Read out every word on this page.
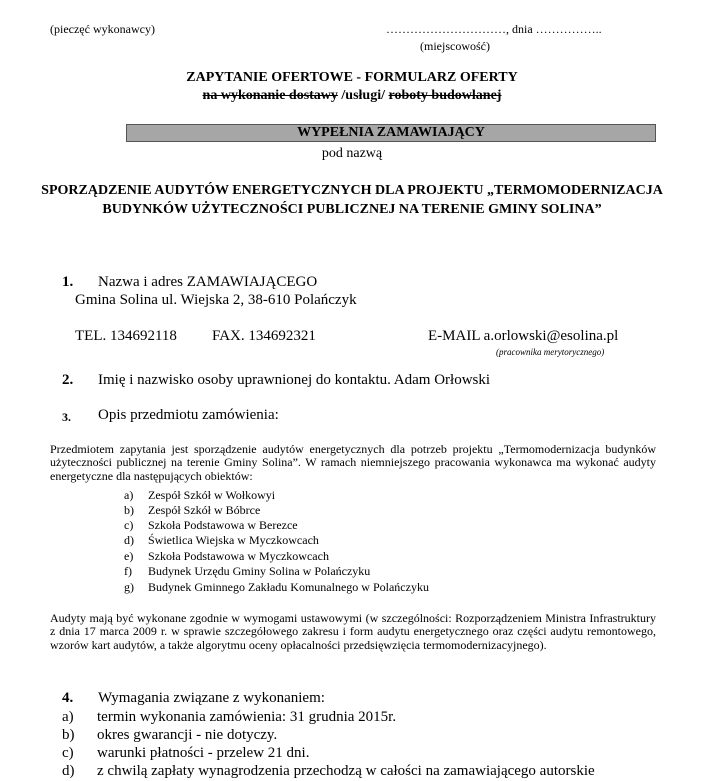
(pieczęć wykonawcy)	…………………………, dnia ……………..
(miejscowość)
ZAPYTANIE OFERTOWE - FORMULARZ OFERTY
na wykonanie dostawy /usługi/ roboty budowlanej
WYPEŁNIA ZAMAWIAJĄCY
pod nazwą
SPORZĄDZENIE AUDYTÓW ENERGETYCZNYCH DLA PROJEKTU „TERMOMODERNIZACJA BUDYNKÓW UŻYTECZNOŚCI PUBLICZNEJ NA TERENIE GMINY SOLINA”
1. Nazwa i adres ZAMAWIAJĄCEGO
Gmina Solina ul. Wiejska 2, 38-610 Polańczyk
TEL. 134692118 FAX. 134692321	E-MAIL a.orlowski@esolina.pl
(pracownika merytorycznego)
2. Imię i nazwisko osoby uprawnionej do kontaktu. Adam Orłowski
3. Opis przedmiotu zamówienia:
Przedmiotem zapytania jest sporządzenie audytów energetycznych dla potrzeb projektu „Termomodernizacja budynków użyteczności publicznej na terenie Gminy Solina”. W ramach niemniejszego pracowania wykonawca ma wykonać audyty energetyczne dla następujących obiektów:
a) Zespół Szkół w Wołkowyi
b) Zespół Szkół w Bóbrce
c) Szkoła Podstawowa w Berezce
d) Świetlica Wiejska w Myczkowcach
e) Szkoła Podstawowa w Myczkowcach
f) Budynek Urzędu Gminy Solina w Polańczyku
g) Budynek Gminnego Zakładu Komunalnego w Polańczyku
Audyty mają być wykonane zgodnie w wymogami ustawowymi (w szczególności: Rozporządzeniem Ministra Infrastruktury z dnia 17 marca 2009 r. w sprawie szczegółowego zakresu i form audytu energetycznego oraz części audytu remontowego, wzorów kart audytów, a także algorytmu oceny opłacalności przedsięwzięcia termomodernizacyjnego).
4. Wymagania związane z wykonaniem:
a) termin wykonania zamówienia: 31 grudnia 2015r.
b) okres gwarancji - nie dotyczy.
c) warunki płatności - przelew 21 dni.
d) z chwilą zapłaty wynagrodzenia przechodzą w całości na zamawiającego autorskie
